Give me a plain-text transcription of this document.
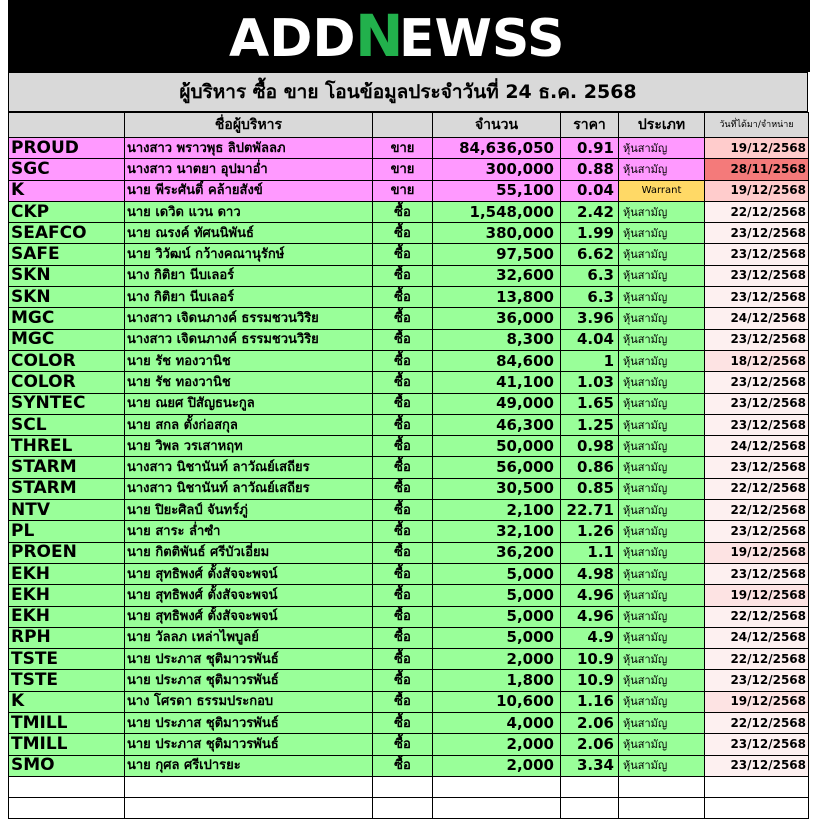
ADD N
EWSS
ผู้บริหาร ซื้อ ขาย โอนข้อมูลประจำวันที่ 24 ธ.ค. 2568
	ชื่อผู้บริหาร		จำนวน	ราคา	ประเภท	วันที่ได้มา/จำหน่าย
PROUD	นางสาว พราวพุธ ลิปตพัลลภ	ขาย	84,636,050	0.91	หุ้นสามัญ	19/12/2568
SGC	นางสาว นาตยา อุปมาอ่ำ	ขาย	300,000	0.88	หุ้นสามัญ	28/11/2568
K	นาย พีระศันติ์ คล้ายสังข์	ขาย	55,100	0.04	Warrant	19/12/2568
CKP	นาย เดวิด แวน ดาว	ซื้อ	1,548,000	2.42	หุ้นสามัญ	22/12/2568
SEAFCO	นาย ณรงค์ ทัศนนิพันธ์	ซื้อ	380,000	1.99	หุ้นสามัญ	23/12/2568
SAFE	นาย วิวัฒน์ กว้างคณานุรักษ์	ซื้อ	97,500	6.62	หุ้นสามัญ	23/12/2568
SKN	นาง กิติยา นีบเลอร์	ซื้อ	32,600	6.3	หุ้นสามัญ	23/12/2568
SKN	นาง กิติยา นีบเลอร์	ซื้อ	13,800	6.3	หุ้นสามัญ	23/12/2568
MGC	นางสาว เจิดนภางค์ ธรรมชวนวิริย	ซื้อ	36,000	3.96	หุ้นสามัญ	24/12/2568
MGC	นางสาว เจิดนภางค์ ธรรมชวนวิริย	ซื้อ	8,300	4.04	หุ้นสามัญ	23/12/2568
COLOR	นาย รัช ทองวานิช	ซื้อ	84,600	1	หุ้นสามัญ	18/12/2568
COLOR	นาย รัช ทองวานิช	ซื้อ	41,100	1.03	หุ้นสามัญ	23/12/2568
SYNTEC	นาย ณยศ ปิสัญธนะกูล	ซื้อ	49,000	1.65	หุ้นสามัญ	23/12/2568
SCL	นาย สกล ตั้งก่อสกุล	ซื้อ	46,300	1.25	หุ้นสามัญ	23/12/2568
THREL	นาย วิพล วรเสาหฤท	ซื้อ	50,000	0.98	หุ้นสามัญ	24/12/2568
STARM	นางสาว นิชานันท์ ลาวัณย์เสถียร	ซื้อ	56,000	0.86	หุ้นสามัญ	23/12/2568
STARM	นางสาว นิชานันท์ ลาวัณย์เสถียร	ซื้อ	30,500	0.85	หุ้นสามัญ	22/12/2568
NTV	นาย ปิยะศิลป์ จันทร์ภู่	ซื้อ	2,100	22.71	หุ้นสามัญ	22/12/2568
PL	นาย สาระ ล่ำซำ	ซื้อ	32,100	1.26	หุ้นสามัญ	23/12/2568
PROEN	นาย กิตติพันธ์ ศรีบัวเอี่ยม	ซื้อ	36,200	1.1	หุ้นสามัญ	19/12/2568
EKH	นาย สุทธิพงศ์ ตั้งสัจจะพจน์	ซื้อ	5,000	4.98	หุ้นสามัญ	23/12/2568
EKH	นาย สุทธิพงศ์ ตั้งสัจจะพจน์	ซื้อ	5,000	4.96	หุ้นสามัญ	19/12/2568
EKH	นาย สุทธิพงศ์ ตั้งสัจจะพจน์	ซื้อ	5,000	4.96	หุ้นสามัญ	22/12/2568
RPH	นาย วัลลภ เหล่าไพบูลย์	ซื้อ	5,000	4.9	หุ้นสามัญ	24/12/2568
TSTE	นาย ประภาส ชุติมาวรพันธ์	ซื้อ	2,000	10.9	หุ้นสามัญ	22/12/2568
TSTE	นาย ประภาส ชุติมาวรพันธ์	ซื้อ	1,800	10.9	หุ้นสามัญ	23/12/2568
K	นาง โศรดา ธรรมประกอบ	ซื้อ	10,600	1.16	หุ้นสามัญ	19/12/2568
TMILL	นาย ประภาส ชุติมาวรพันธ์	ซื้อ	4,000	2.06	หุ้นสามัญ	22/12/2568
TMILL	นาย ประภาส ชุติมาวรพันธ์	ซื้อ	2,000	2.06	หุ้นสามัญ	23/12/2568
SMO	นาย กุศล ศรีเปารยะ	ซื้อ	2,000	3.34	หุ้นสามัญ	23/12/2568
